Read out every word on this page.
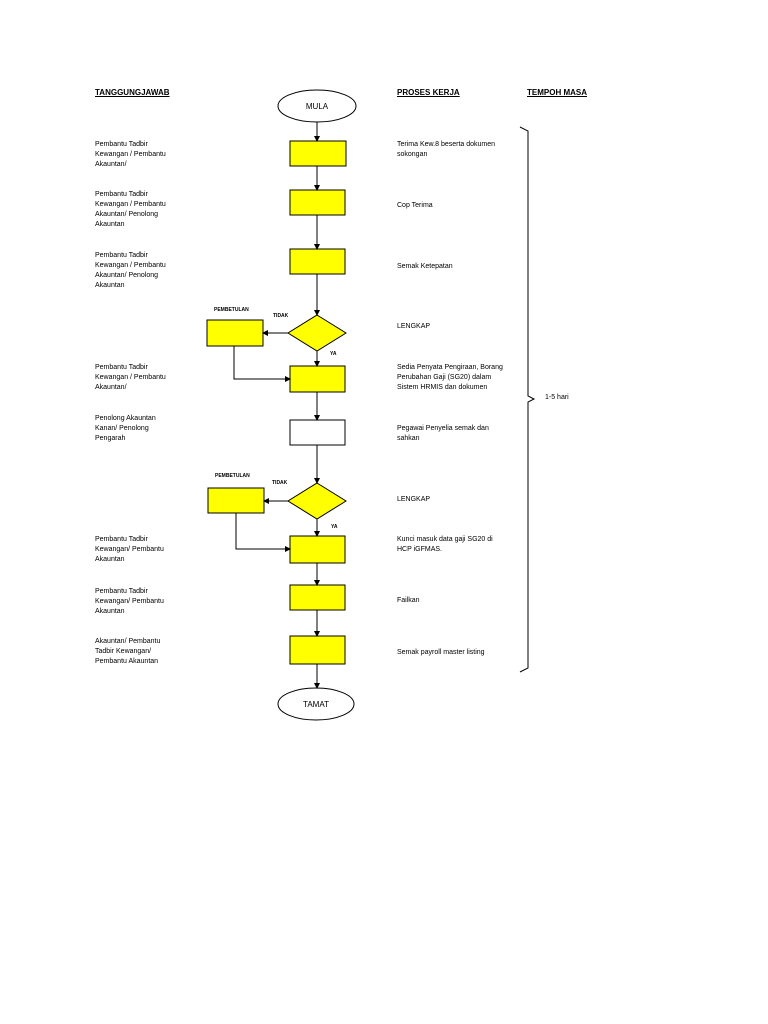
TANGGUNGJAWAB	PROSES KERJA	TEMPOH MASA
MULA
TAMAT
PEMBETULAN
TIDAK
YA
PEMBETULAN
TIDAK
YA
Pembantu Tadbir
Kewangan / Pembantu
Akauntan/
Pembantu Tadbir
Kewangan / Pembantu
Akauntan/ Penolong
Akauntan
Pembantu Tadbir
Kewangan / Pembantu
Akauntan/ Penolong
Akauntan
Pembantu Tadbir
Kewangan / Pembantu
Akauntan/
Penolong Akauntan
Kanan/ Penolong
Pengarah
Pembantu Tadbir
Kewangan/ Pembantu
Akauntan
Pembantu Tadbir
Kewangan/ Pembantu
Akauntan
Akauntan/ Pembantu
Tadbir Kewangan/
Pembantu Akauntan
Terima Kew.8 beserta dokumen
sokongan
Cop Terima
Semak Ketepatan
LENGKAP
Sedia Penyata Pengiraan, Borang
Perubahan Gaji (SG20) dalam
Sistem HRMIS dan dokumen
Pegawai Penyelia semak dan
sahkan
LENGKAP
Kunci masuk data gaji SG20 di
HCP iGFMAS.
Failkan
Semak payroll master listing
1-5 hari
